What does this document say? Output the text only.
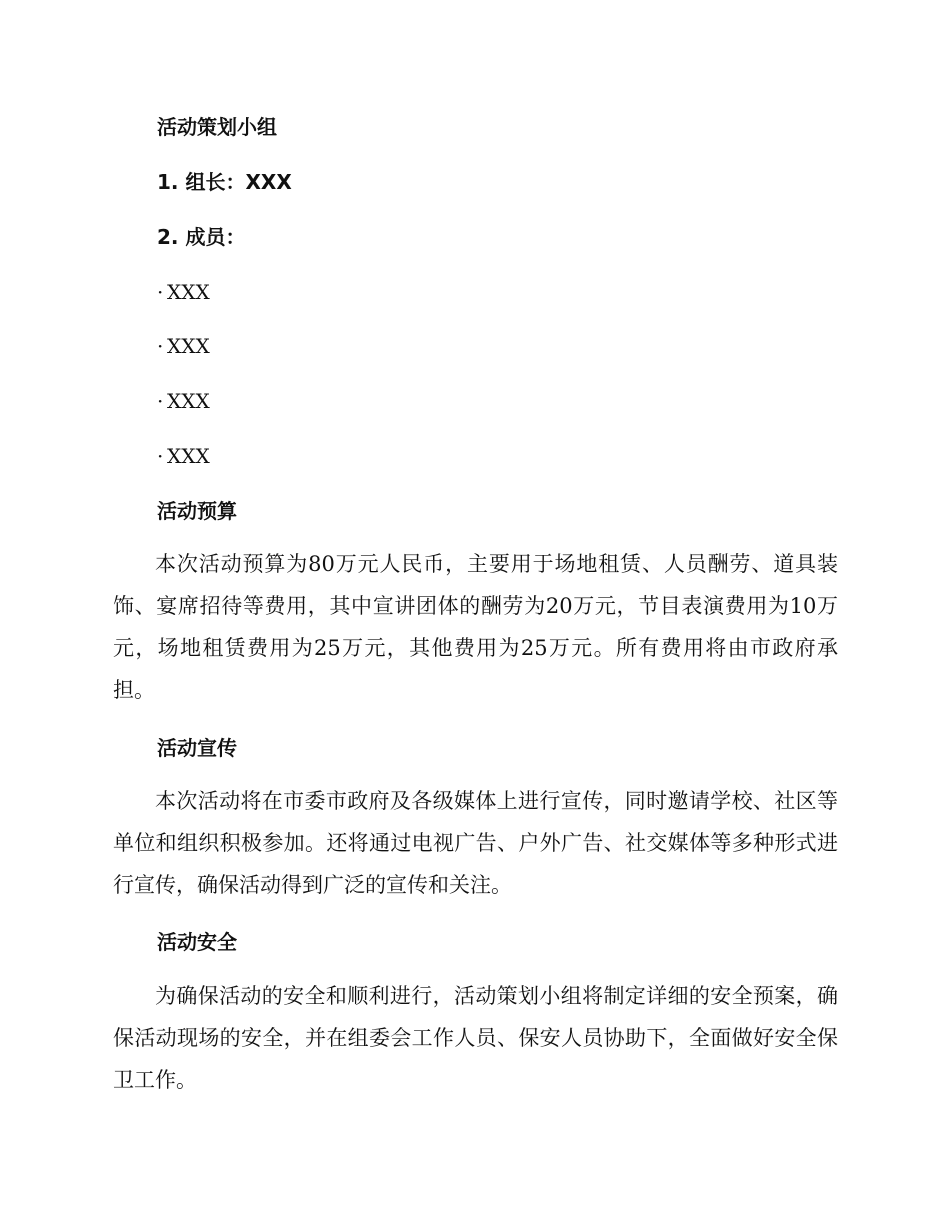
活动策划小组
1. 组长：XXX
2. 成员：
· XXX
· XXX
· XXX
· XXX
活动预算

本次活动预算为80万元人民币，主要用于场地租赁、人员酬劳、道具装饰、宴席招待等费用，其中宣讲团体的酬劳为20万元，节目表演费用为10万元，场地租赁费用为25万元，其他费用为25万元。所有费用将由市政府承担。

活动宣传

本次活动将在市委市政府及各级媒体上进行宣传，同时邀请学校、社区等单位和组织积极参加。还将通过电视广告、户外广告、社交媒体等多种形式进行宣传，确保活动得到广泛的宣传和关注。

活动安全

为确保活动的安全和顺利进行，活动策划小组将制定详细的安全预案，确保活动现场的安全，并在组委会工作人员、保安人员协助下，全面做好安全保卫工作。
